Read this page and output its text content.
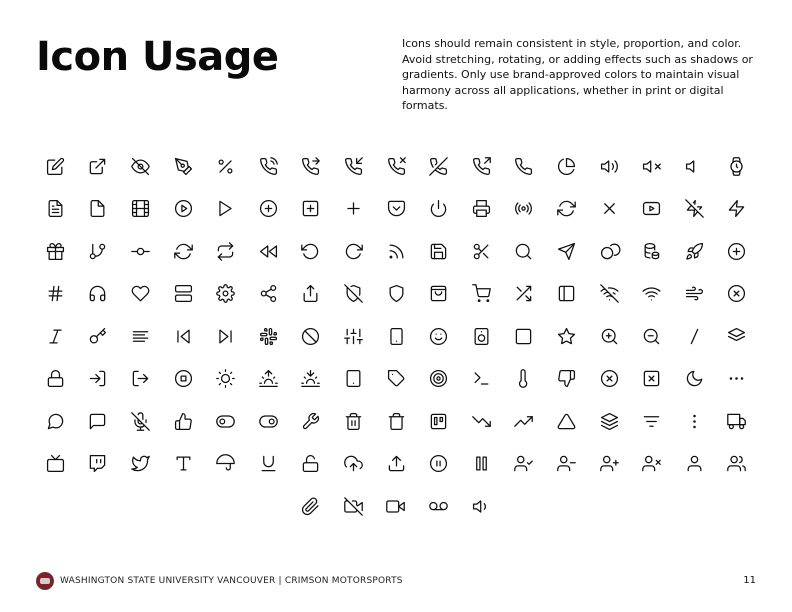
Icon Usage	Icons should remain consistent in style, proportion, and color. Avoid stretching, rotating, or adding effects such as shadows or gradients. Only use brand-approved colors to maintain visual harmony across all applications, whether in print or digital formats.
WASHINGTON STATE UNIVERSITY VANCOUVER | CRIMSON MOTORSPORTS	11
